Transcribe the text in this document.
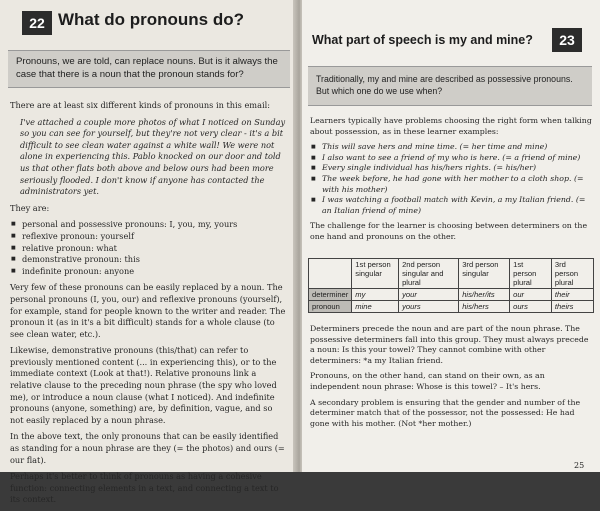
22 What do pronouns do?
Pronouns, we are told, can replace nouns. But is it always the case that there is a noun that the pronoun stands for?

There are at least six different kinds of pronouns in this email:

I've attached a couple more photos of what I noticed on Sunday so you can see for yourself, but they're not very clear - it's a bit difficult to see clean water against a white wall! We were not alone in experiencing this. Pablo knocked on our door and told us that other flats both above and below ours had been more seriously flooded. I don't know if anyone has contacted the administrators yet.

They are:

■ personal and possessive pronouns: I, you, my, yours
■ reflexive pronoun: yourself
■ relative pronoun: what
■ demonstrative pronoun: this
■ indefinite pronoun: anyone

Very few of these pronouns can be easily replaced by a noun. The personal pronouns (I, you, our) and reflexive pronouns (yourself), for example, stand for people known to the writer and reader. The pronoun it (as in it's a bit difficult) stands for a whole clause (to see clean water, etc.).

Likewise, demonstrative pronouns (this/that) can refer to previously mentioned content (... in experiencing this), or to the immediate context (Look at that!). Relative pronouns link a relative clause to the preceding noun phrase (the spy who loved me), or introduce a noun clause (what I noticed). And indefinite pronouns (anyone, something) are, by definition, vague, and so not easily replaced by a noun phrase.

In the above text, the only pronouns that can be easily identified as standing for a noun phrase are they (= the photos) and ours (= our flat).

Perhaps it's better to think of pronouns as having a cohesive function: connecting elements in a text, and connecting a text to its context.

What part of speech is my and mine?	23
Traditionally, my and mine are described as possessive pronouns. But which one do we use when?

Learners typically have problems choosing the right form when talking about possession, as in these learner examples:

■ This will save hers and mine time. (= her time and mine)
■ I also want to see a friend of my who is here. (= a friend of mine)
■ Every single individual has his/hers rights. (= his/her)
■ The week before, he had gone with her mother to a cloth shop. (= with his mother)
■ I was watching a football match with Kevin, a my Italian friend. (= an Italian friend of mine)

The challenge for the learner is choosing between determiners on the one hand and pronouns on the other.

	1st person singular	2nd person singular and plural	3rd person singular	1st person plural	3rd person plural
determiner	my	your	his/her/its	our	their
pronoun	mine	yours	his/hers	ours	theirs

Determiners precede the noun and are part of the noun phrase. The possessive determiners fall into this group. They must always precede a noun: Is this your towel? They cannot combine with other determiners: *a my Italian friend.

Pronouns, on the other hand, can stand on their own, as an independent noun phrase: Whose is this towel? – It's hers.

A secondary problem is ensuring that the gender and number of the determiner match that of the possessor, not the possessed: He had gone with his mother. (Not *her mother.)

25
